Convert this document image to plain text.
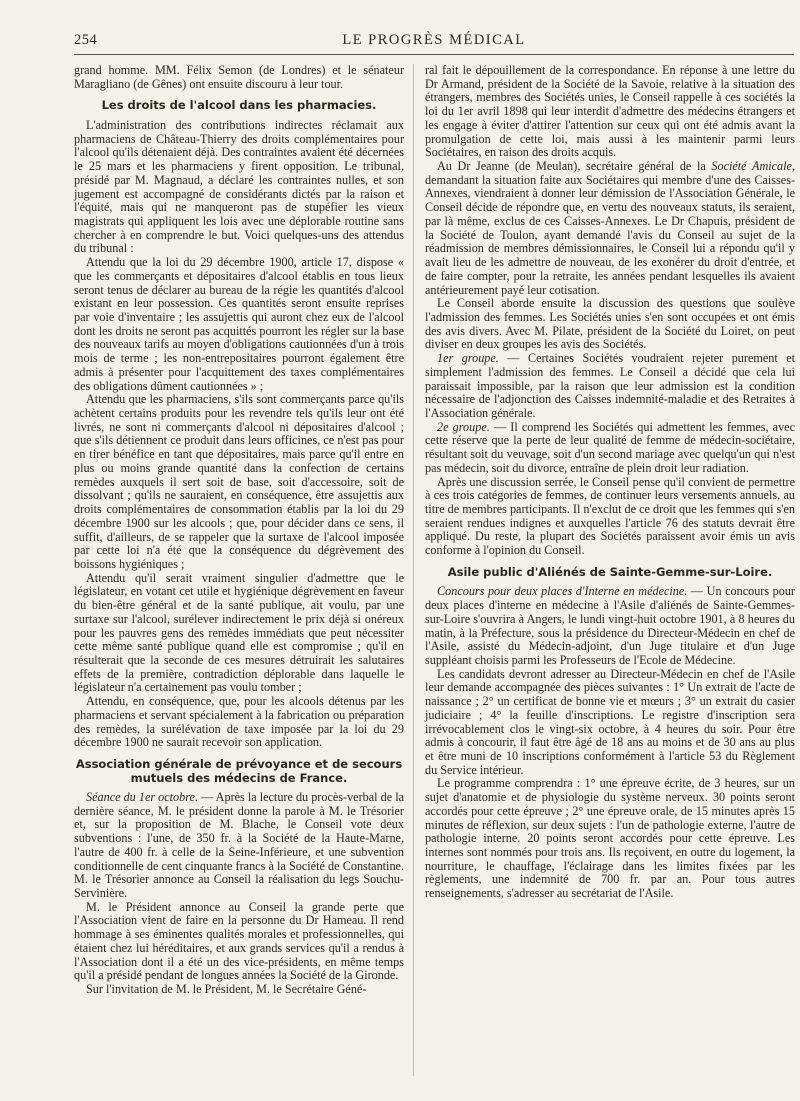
254	LE PROGRÈS MÉDICAL

grand homme. MM. Félix Semon (de Londres) et le sénateur Maragliano (de Gênes) ont ensuite discouru à leur tour.

Les droits de l'alcool dans les pharmacies.

L'administration des contributions indirectes réclamait aux pharmaciens de Château-Thierry des droits complémentaires pour l'alcool qu'ils détenaient déjà. Des contraintes avaient été décernées le 25 mars et les pharmaciens y firent opposition. Le tribunal, présidé par M. Magnaud, a déclaré les contraintes nulles, et son jugement est accompagné de considérants dictés par la raison et l'équité, mais qui ne manqueront pas de stupéfier les vieux magistrats qui appliquent les lois avec une déplorable routine sans chercher à en comprendre le but. Voici quelques-uns des attendus du tribunal :

Attendu que la loi du 29 décembre 1900, article 17, dispose « que les commerçants et dépositaires d'alcool établis en tous lieux seront tenus de déclarer au bureau de la régie les quantités d'alcool existant en leur possession. Ces quantités seront ensuite reprises par voie d'inventaire ; les assujettis qui auront chez eux de l'alcool dont les droits ne seront pas acquittés pourront les régler sur la base des nouveaux tarifs au moyen d'obligations cautionnées d'un à trois mois de terme ; les non-entrepositaires pourront également être admis à présenter pour l'acquittement des taxes complémentaires des obligations dûment cautionnées » ;

Attendu que les pharmaciens, s'ils sont commerçants parce qu'ils achètent certains produits pour les revendre tels qu'ils leur ont été livrés, ne sont ni commerçants d'alcool ni dépositaires d'alcool ; que s'ils détiennent ce produit dans leurs officines, ce n'est pas pour en tirer bénéfice en tant que dépositaires, mais parce qu'il entre en plus ou moins grande quantité dans la confection de certains remèdes auxquels il sert soit de base, soit d'accessoire, soit de dissolvant ; qu'ils ne sauraient, en conséquence, être assujettis aux droits complémentaires de consommation établis par la loi du 29 décembre 1900 sur les alcools ; que, pour décider dans ce sens, il suffit, d'ailleurs, de se rappeler que la surtaxe de l'alcool imposée par cette loi n'a été que la conséquence du dégrèvement des boissons hygiéniques ;

Attendu qu'il serait vraiment singulier d'admettre que le législateur, en votant cet utile et hygiénique dégrèvement en faveur du bien-être général et de la santé publique, ait voulu, par une surtaxe sur l'alcool, surélever indirectement le prix déjà si onéreux pour les pauvres gens des remèdes immédiats que peut nécessiter cette même santé publique quand elle est compromise ; qu'il en résulterait que la seconde de ces mesures détruirait les salutaires effets de la première, contradiction déplorable dans laquelle le législateur n'a certainement pas voulu tomber ;

Attendu, en conséquence, que, pour les alcools détenus par les pharmaciens et servant spécialement à la fabrication ou préparation des remèdes, la surélévation de taxe imposée par la loi du 29 décembre 1900 ne saurait recevoir son application.

Association générale de prévoyance et de secours mutuels des médecins de France.

Séance du 1er octobre. — Après la lecture du procès-verbal de la dernière séance, M. le président donne la parole à M. le Trésorier et, sur la proposition de M. Blache, le Conseil vote deux subventions : l'une, de 350 fr. à la Société de la Haute-Marne, l'autre de 400 fr. à celle de la Seine-Inférieure, et une subvention conditionnelle de cent cinquante francs à la Société de Constantine. M. le Trésorier annonce au Conseil la réalisation du legs Souchu-Servinière.

M. le Président annonce au Conseil la grande perte que l'Association vient de faire en la personne du Dr Hameau. Il rend hommage à ses éminentes qualités morales et professionnelles, qui étaient chez lui héréditaires, et aux grands services qu'il a rendus à l'Association dont il a été un des vice-présidents, en même temps qu'il a présidé pendant de longues années la Société de la Gironde.

Sur l'invitation de M. le Président, M. le Secrétaire Géné-

ral fait le dépouillement de la correspondance. En réponse à une lettre du Dr Armand, président de la Société de la Savoie, relative à la situation des étrangers, membres des Sociétés unies, le Conseil rappelle à ces sociétés la loi du 1er avril 1898 qui leur interdit d'admettre des médecins étrangers et les engage à éviter d'attirer l'attention sur ceux qui ont été admis avant la promulgation de cette loi, mais aussi à les maintenir parmi leurs Sociétaires, en raison des droits acquis.

Au Dr Jeanne (de Meulan), secrétaire général de la Société Amicale, demandant la situation faite aux Sociétaires qui membre d'une des Caisses-Annexes, viendraient à donner leur démission de l'Association Générale, le Conseil décide de répondre que, en vertu des nouveaux statuts, ils seraient, par là même, exclus de ces Caisses-Annexes. Le Dr Chapuis, président de la Société de Toulon, ayant demandé l'avis du Conseil au sujet de la réadmission de membres démissionnaires, le Conseil lui a répondu qu'il y avait lieu de les admettre de nouveau, de les exonérer du droit d'entrée, et de faire compter, pour la retraite, les années pendant lesquelles ils avaient antérieurement payé leur cotisation.

Le Conseil aborde ensuite la discussion des questions que soulève l'admission des femmes. Les Sociétés unies s'en sont occupées et ont émis des avis divers. Avec M. Pilate, président de la Société du Loiret, on peut diviser en deux groupes les avis des Sociétés.

1er groupe. — Certaines Sociétés voudraient rejeter purement et simplement l'admission des femmes. Le Conseil a décidé que cela lui paraissait impossible, par la raison que leur admission est la condition nécessaire de l'adjonction des Caisses indemnité-maladie et des Retraites à l'Association générale.

2e groupe. — Il comprend les Sociétés qui admettent les femmes, avec cette réserve que la perte de leur qualité de femme de médecin-sociétaire, résultant soit du veuvage, soit d'un second mariage avec quelqu'un qui n'est pas médecin, soit du divorce, entraîne de plein droit leur radiation.

Après une discussion serrée, le Conseil pense qu'il convient de permettre à ces trois catégories de femmes, de continuer leurs versements annuels, au titre de membres participants. Il n'exclut de ce droit que les femmes qui s'en seraient rendues indignes et auxquelles l'article 76 des statuts devrait être appliqué. Du reste, la plupart des Sociétés paraissent avoir émis un avis conforme à l'opinion du Conseil.

Asile public d'Aliénés de Sainte-Gemme-sur-Loire.

Concours pour deux places d'Interne en médecine. — Un concours pour deux places d'interne en médecine à l'Asile d'aliénés de Sainte-Gemmes-sur-Loire s'ouvrira à Angers, le lundi vingt-huit octobre 1901, à 8 heures du matin, à la Préfecture, sous la présidence du Directeur-Médecin en chef de l'Asile, assisté du Médecin-adjoint, d'un Juge titulaire et d'un Juge suppléant choisis parmi les Professeurs de l'Ecole de Médecine.

Les candidats devront adresser au Directeur-Médecin en chef de l'Asile leur demande accompagnée des pièces suivantes : 1° Un extrait de l'acte de naissance ; 2° un certificat de bonne vie et mœurs ; 3° un extrait du casier judiciaire ; 4° la feuille d'inscriptions. Le registre d'inscription sera irrévocablement clos le vingt-six octobre, à 4 heures du soir. Pour être admis à concourir, il faut être âgé de 18 ans au moins et de 30 ans au plus et être muni de 10 inscriptions conformément à l'article 53 du Règlement du Service intérieur.

Le programme comprendra : 1° une épreuve écrite, de 3 heures, sur un sujet d'anatomie et de physiologie du système nerveux. 30 points seront accordés pour cette épreuve ; 2° une épreuve orale, de 15 minutes après 15 minutes de réflexion, sur deux sujets : l'un de pathologie externe, l'autre de pathologie interne. 20 points seront accordés pour cette épreuve. Les internes sont nommés pour trois ans. Ils reçoivent, en outre du logement, la nourriture, le chauffage, l'éclairage dans les limites fixées par les règlements, une indemnité de 700 fr. par an. Pour tous autres renseignements, s'adresser au secrétariat de l'Asile.
